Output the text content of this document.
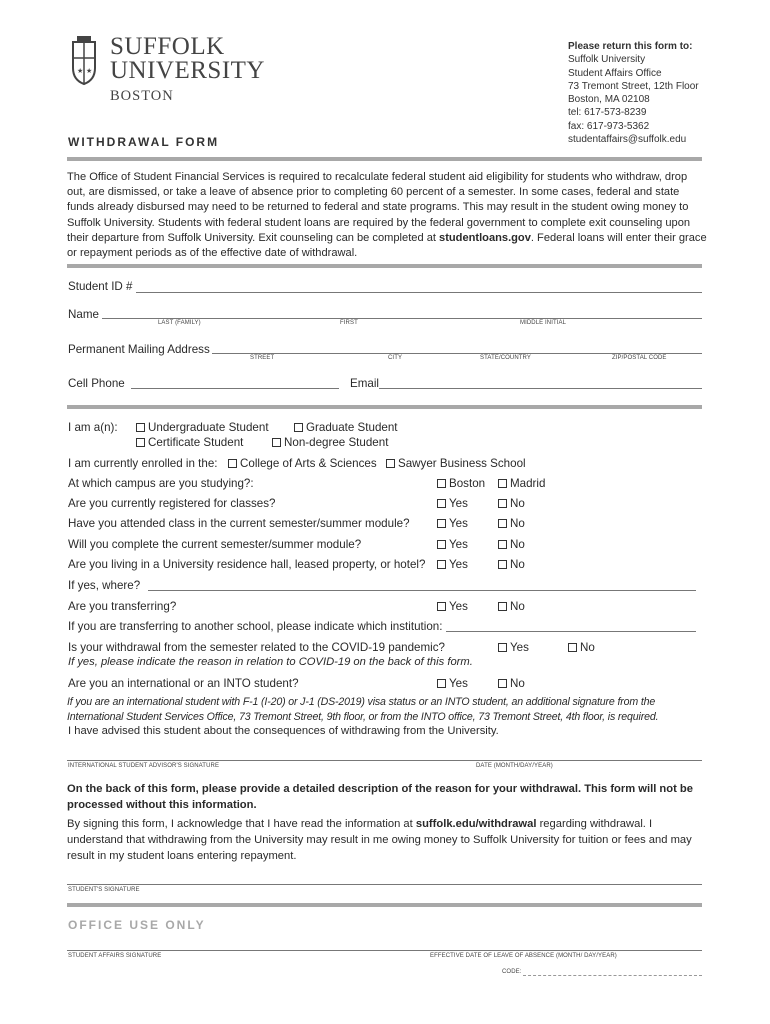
★ ★
SUFFOLK
UNIVERSITY
BOSTON
Please return this form to:
Suffolk University
Student Affairs Office
73 Tremont Street, 12th Floor
Boston, MA 02108
tel: 617-573-8239
fax: 617-973-5362
studentaffairs@suffolk.edu
WITHDRAWAL FORM
The Office of Student Financial Services is required to recalculate federal student aid eligibility for students who withdraw, drop out, are dismissed, or take a leave of absence prior to completing 60 percent of a semester. In some cases, federal and state funds already disbursed may need to be returned to federal and state programs. This may result in the student owing money to Suffolk University. Students with federal student loans are required by the federal government to complete exit counseling upon their departure from Suffolk University. Exit counseling can be completed at studentloans.gov. Federal loans will enter their grace or repayment periods as of the effective date of withdrawal.
Student ID #
Name
LAST (FAMILY)	FIRST	MIDDLE INITIAL
Permanent Mailing Address
STREET	CITY	STATE/COUNTRY	ZIP/POSTAL CODE
Cell Phone	Email
I am a(n):	Undergraduate Student	Graduate Student
Certificate Student	Non-degree Student
I am currently enrolled in the:	College of Arts & Sciences	Sawyer Business School
At which campus are you studying?:	Boston	Madrid
Are you currently registered for classes?	Yes	No
Have you attended class in the current semester/summer module?	Yes	No
Will you complete the current semester/summer module?	Yes	No
Are you living in a University residence hall, leased property, or hotel?	Yes	No
If yes, where?
Are you transferring?	Yes	No
If you are transferring to another school, please indicate which institution:
Is your withdrawal from the semester related to the COVID-19 pandemic?	Yes	No
If yes, please indicate the reason in relation to COVID-19 on the back of this form.
Are you an international or an INTO student?	Yes	No
If you are an international student with F-1 (I-20) or J-1 (DS-2019) visa status or an INTO student, an additional signature from the International Student Services Office, 73 Tremont Street, 9th floor, or from the INTO office, 73 Tremont Street, 4th floor, is required.
I have advised this student about the consequences of withdrawing from the University.
INTERNATIONAL STUDENT ADVISOR'S SIGNATURE	DATE (MONTH/DAY/YEAR)
On the back of this form, please provide a detailed description of the reason for your withdrawal. This form will not be processed without this information.
By signing this form, I acknowledge that I have read the information at suffolk.edu/withdrawal regarding withdrawal. I understand that withdrawing from the University may result in me owing money to Suffolk University for tuition or fees and may result in my student loans entering repayment.
STUDENT'S SIGNATURE
OFFICE USE ONLY
STUDENT AFFAIRS SIGNATURE	EFFECTIVE DATE OF LEAVE OF ABSENCE (MONTH/ DAY/YEAR)
CODE:
